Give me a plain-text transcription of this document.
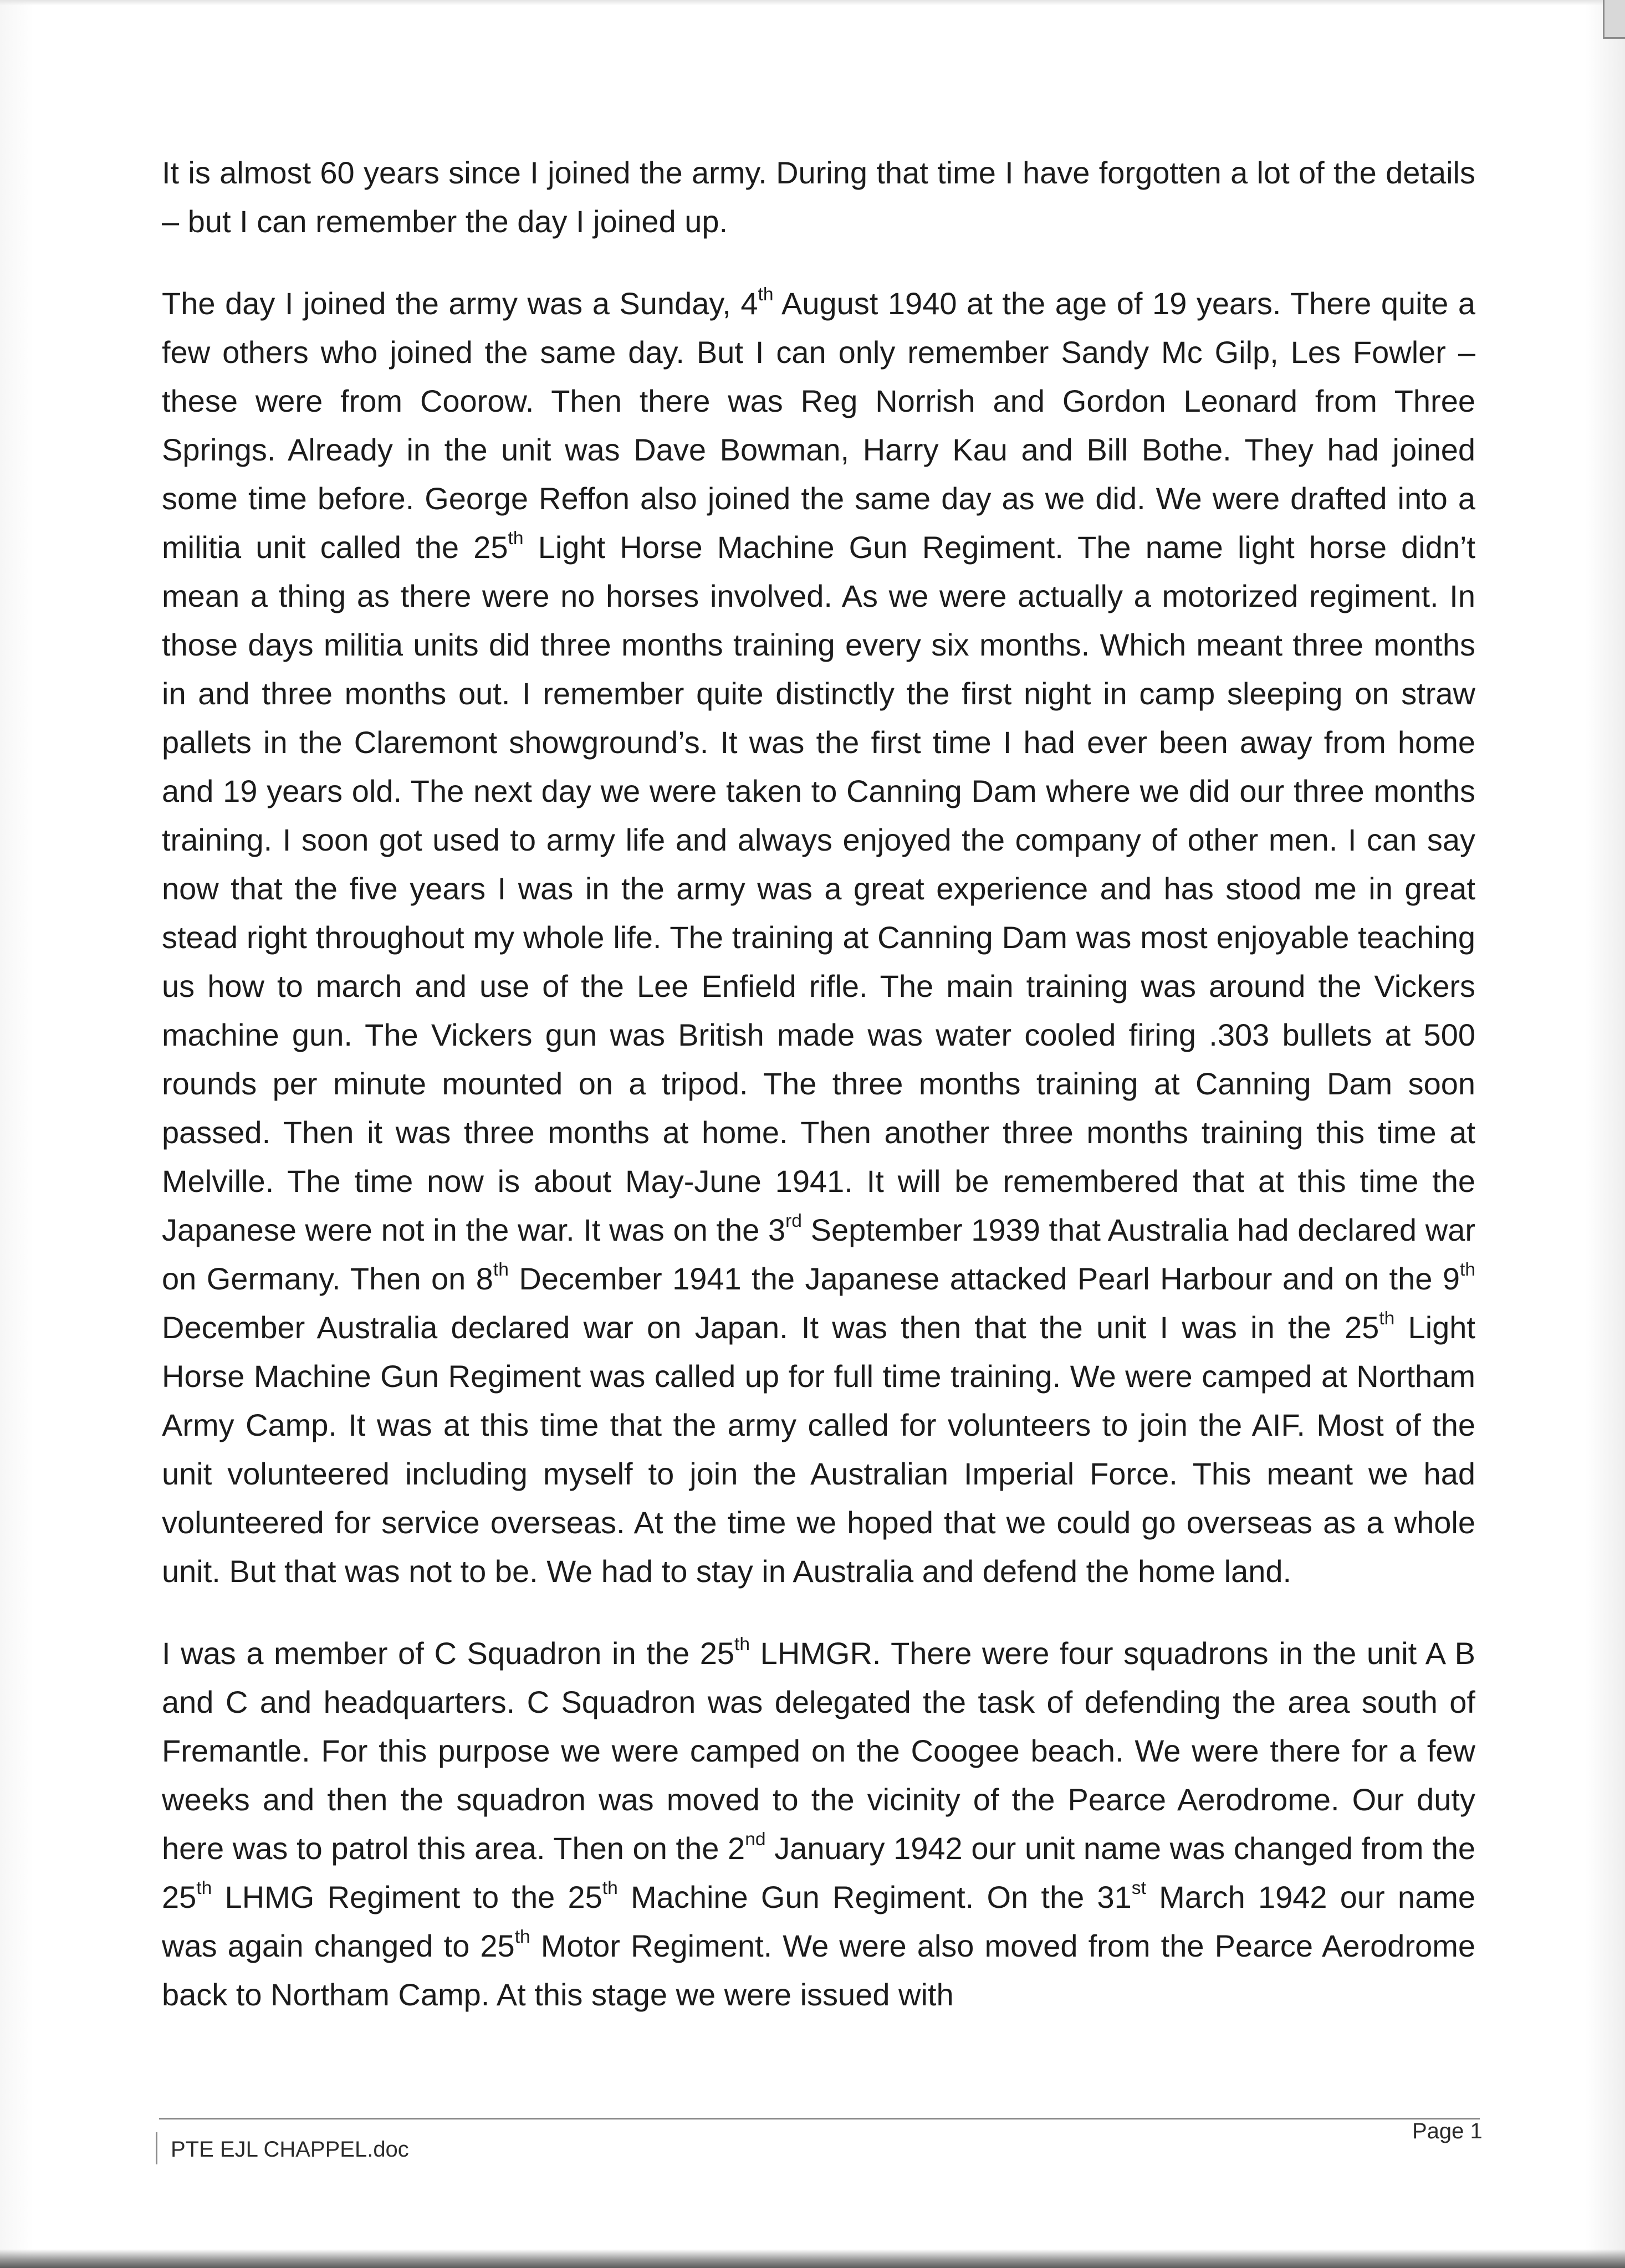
It is almost 60 years since I joined the army. During that time I have forgotten a lot of the details – but I can remember the day I joined up.

The day I joined the army was a Sunday, 4th August 1940 at the age of 19 years. There quite a few others who joined the same day. But I can only remember Sandy Mc Gilp, Les Fowler – these were from Coorow. Then there was Reg Norrish and Gordon Leonard from Three Springs. Already in the unit was Dave Bowman, Harry Kau and Bill Bothe. They had joined some time before. George Reffon also joined the same day as we did. We were drafted into a militia unit called the 25th Light Horse Machine Gun Regiment. The name light horse didn’t mean a thing as there were no horses involved. As we were actually a motorized regiment. In those days militia units did three months training every six months. Which meant three months in and three months out. I remember quite distinctly the first night in camp sleeping on straw pallets in the Claremont showground’s. It was the first time I had ever been away from home and 19 years old. The next day we were taken to Canning Dam where we did our three months training. I soon got used to army life and always enjoyed the company of other men. I can say now that the five years I was in the army was a great experience and has stood me in great stead right throughout my whole life. The training at Canning Dam was most enjoyable teaching us how to march and use of the Lee Enfield rifle. The main training was around the Vickers machine gun. The Vickers gun was British made was water cooled firing .303 bullets at 500 rounds per minute mounted on a tripod. The three months training at Canning Dam soon passed. Then it was three months at home. Then another three months training this time at Melville. The time now is about May-June 1941. It will be remembered that at this time the Japanese were not in the war. It was on the 3rd September 1939 that Australia had declared war on Germany. Then on 8th December 1941 the Japanese attacked Pearl Harbour and on the 9th December Australia declared war on Japan. It was then that the unit I was in the 25th Light Horse Machine Gun Regiment was called up for full time training. We were camped at Northam Army Camp. It was at this time that the army called for volunteers to join the AIF. Most of the unit volunteered including myself to join the Australian Imperial Force. This meant we had volunteered for service overseas. At the time we hoped that we could go overseas as a whole unit. But that was not to be. We had to stay in Australia and defend the home land.

I was a member of C Squadron in the 25th LHMGR. There were four squadrons in the unit A B and C and headquarters. C Squadron was delegated the task of defending the area south of Fremantle. For this purpose we were camped on the Coogee beach. We were there for a few weeks and then the squadron was moved to the vicinity of the Pearce Aerodrome. Our duty here was to patrol this area. Then on the 2nd January 1942 our unit name was changed from the 25th LHMG Regiment to the 25th Machine Gun Regiment. On the 31st March 1942 our name was again changed to 25th Motor Regiment. We were also moved from the Pearce Aerodrome back to Northam Camp. At this stage we were issued with

PTE EJL CHAPPEL.doc
Page 1
